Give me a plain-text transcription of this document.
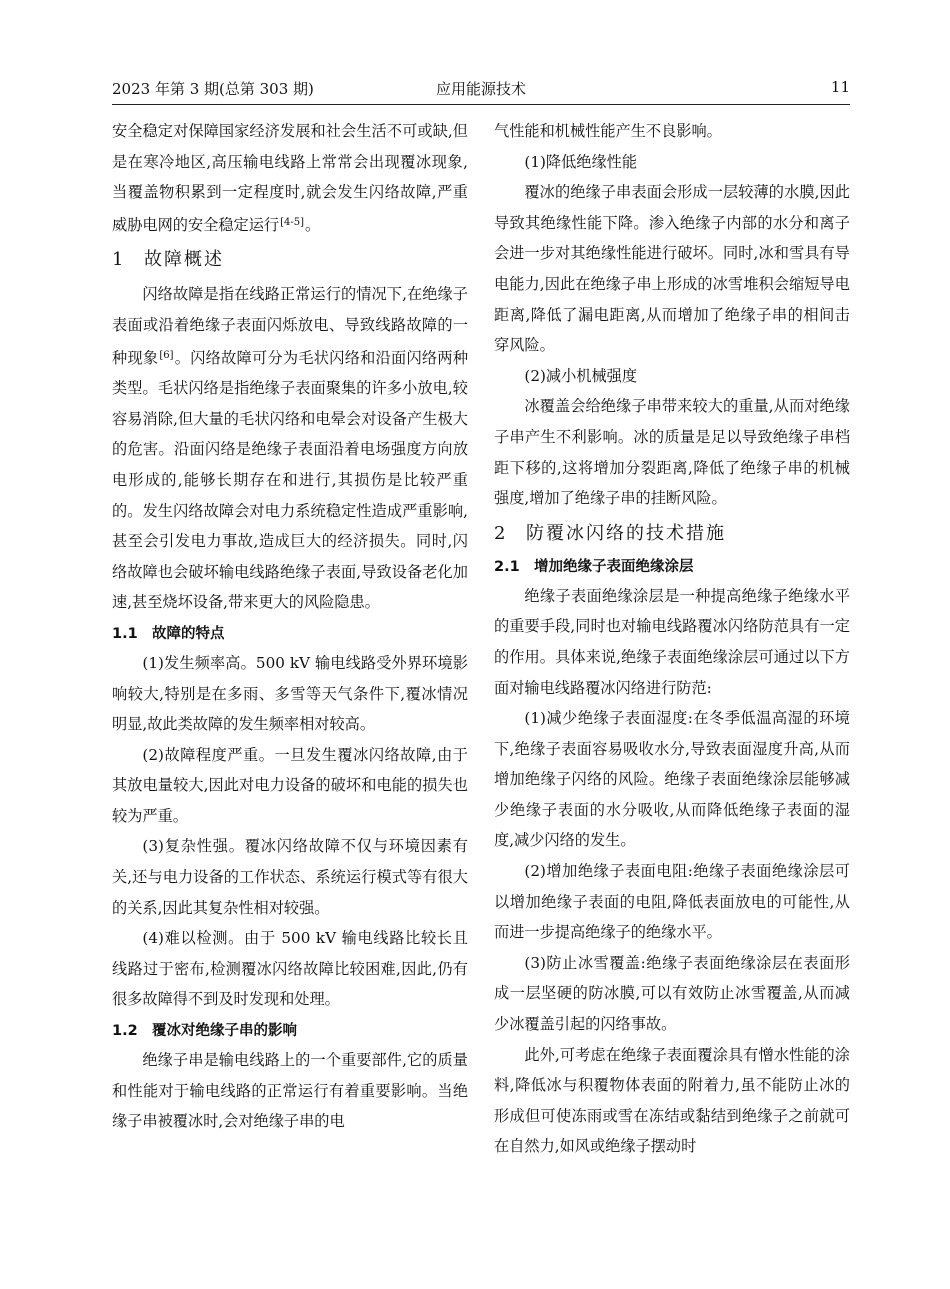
2023 年第 3 期(总第 303 期)	应用能源技术	11

安全稳定对保障国家经济发展和社会生活不可或缺,但是在寒冷地区,高压输电线路上常常会出现覆冰现象,当覆盖物积累到一定程度时,就会发生闪络故障,严重威胁电网的安全稳定运行[4-5]。

1 故障概述

闪络故障是指在线路正常运行的情况下,在绝缘子表面或沿着绝缘子表面闪烁放电、导致线路故障的一种现象[6]。闪络故障可分为毛状闪络和沿面闪络两种类型。毛状闪络是指绝缘子表面聚集的许多小放电,较容易消除,但大量的毛状闪络和电晕会对设备产生极大的危害。沿面闪络是绝缘子表面沿着电场强度方向放电形成的,能够长期存在和进行,其损伤是比较严重的。发生闪络故障会对电力系统稳定性造成严重影响,甚至会引发电力事故,造成巨大的经济损失。同时,闪络故障也会破坏输电线路绝缘子表面,导致设备老化加速,甚至烧坏设备,带来更大的风险隐患。

1.1 故障的特点

(1)发生频率高。500 kV 输电线路受外界环境影响较大,特别是在多雨、多雪等天气条件下,覆冰情况明显,故此类故障的发生频率相对较高。

(2)故障程度严重。一旦发生覆冰闪络故障,由于其放电量较大,因此对电力设备的破坏和电能的损失也较为严重。

(3)复杂性强。覆冰闪络故障不仅与环境因素有关,还与电力设备的工作状态、系统运行模式等有很大的关系,因此其复杂性相对较强。

(4)难以检测。由于 500 kV 输电线路比较长且线路过于密布,检测覆冰闪络故障比较困难,因此,仍有很多故障得不到及时发现和处理。

1.2 覆冰对绝缘子串的影响

绝缘子串是输电线路上的一个重要部件,它的质量和性能对于输电线路的正常运行有着重要影响。当绝缘子串被覆冰时,会对绝缘子串的电

气性能和机械性能产生不良影响。

(1)降低绝缘性能

覆冰的绝缘子串表面会形成一层较薄的水膜,因此导致其绝缘性能下降。渗入绝缘子内部的水分和离子会进一步对其绝缘性能进行破坏。同时,冰和雪具有导电能力,因此在绝缘子串上形成的冰雪堆积会缩短导电距离,降低了漏电距离,从而增加了绝缘子串的相间击穿风险。

(2)减小机械强度

冰覆盖会给绝缘子串带来较大的重量,从而对绝缘子串产生不利影响。冰的质量是足以导致绝缘子串档距下移的,这将增加分裂距离,降低了绝缘子串的机械强度,增加了绝缘子串的挂断风险。

2 防覆冰闪络的技术措施
2.1 增加绝缘子表面绝缘涂层

绝缘子表面绝缘涂层是一种提高绝缘子绝缘水平的重要手段,同时也对输电线路覆冰闪络防范具有一定的作用。具体来说,绝缘子表面绝缘涂层可通过以下方面对输电线路覆冰闪络进行防范:

(1)减少绝缘子表面湿度:在冬季低温高湿的环境下,绝缘子表面容易吸收水分,导致表面湿度升高,从而增加绝缘子闪络的风险。绝缘子表面绝缘涂层能够减少绝缘子表面的水分吸收,从而降低绝缘子表面的湿度,减少闪络的发生。

(2)增加绝缘子表面电阻:绝缘子表面绝缘涂层可以增加绝缘子表面的电阻,降低表面放电的可能性,从而进一步提高绝缘子的绝缘水平。

(3)防止冰雪覆盖:绝缘子表面绝缘涂层在表面形成一层坚硬的防冰膜,可以有效防止冰雪覆盖,从而减少冰覆盖引起的闪络事故。

此外,可考虑在绝缘子表面覆涂具有憎水性能的涂料,降低冰与积覆物体表面的附着力,虽不能防止冰的形成但可使冻雨或雪在冻结或黏结到绝缘子之前就可在自然力,如风或绝缘子摆动时
